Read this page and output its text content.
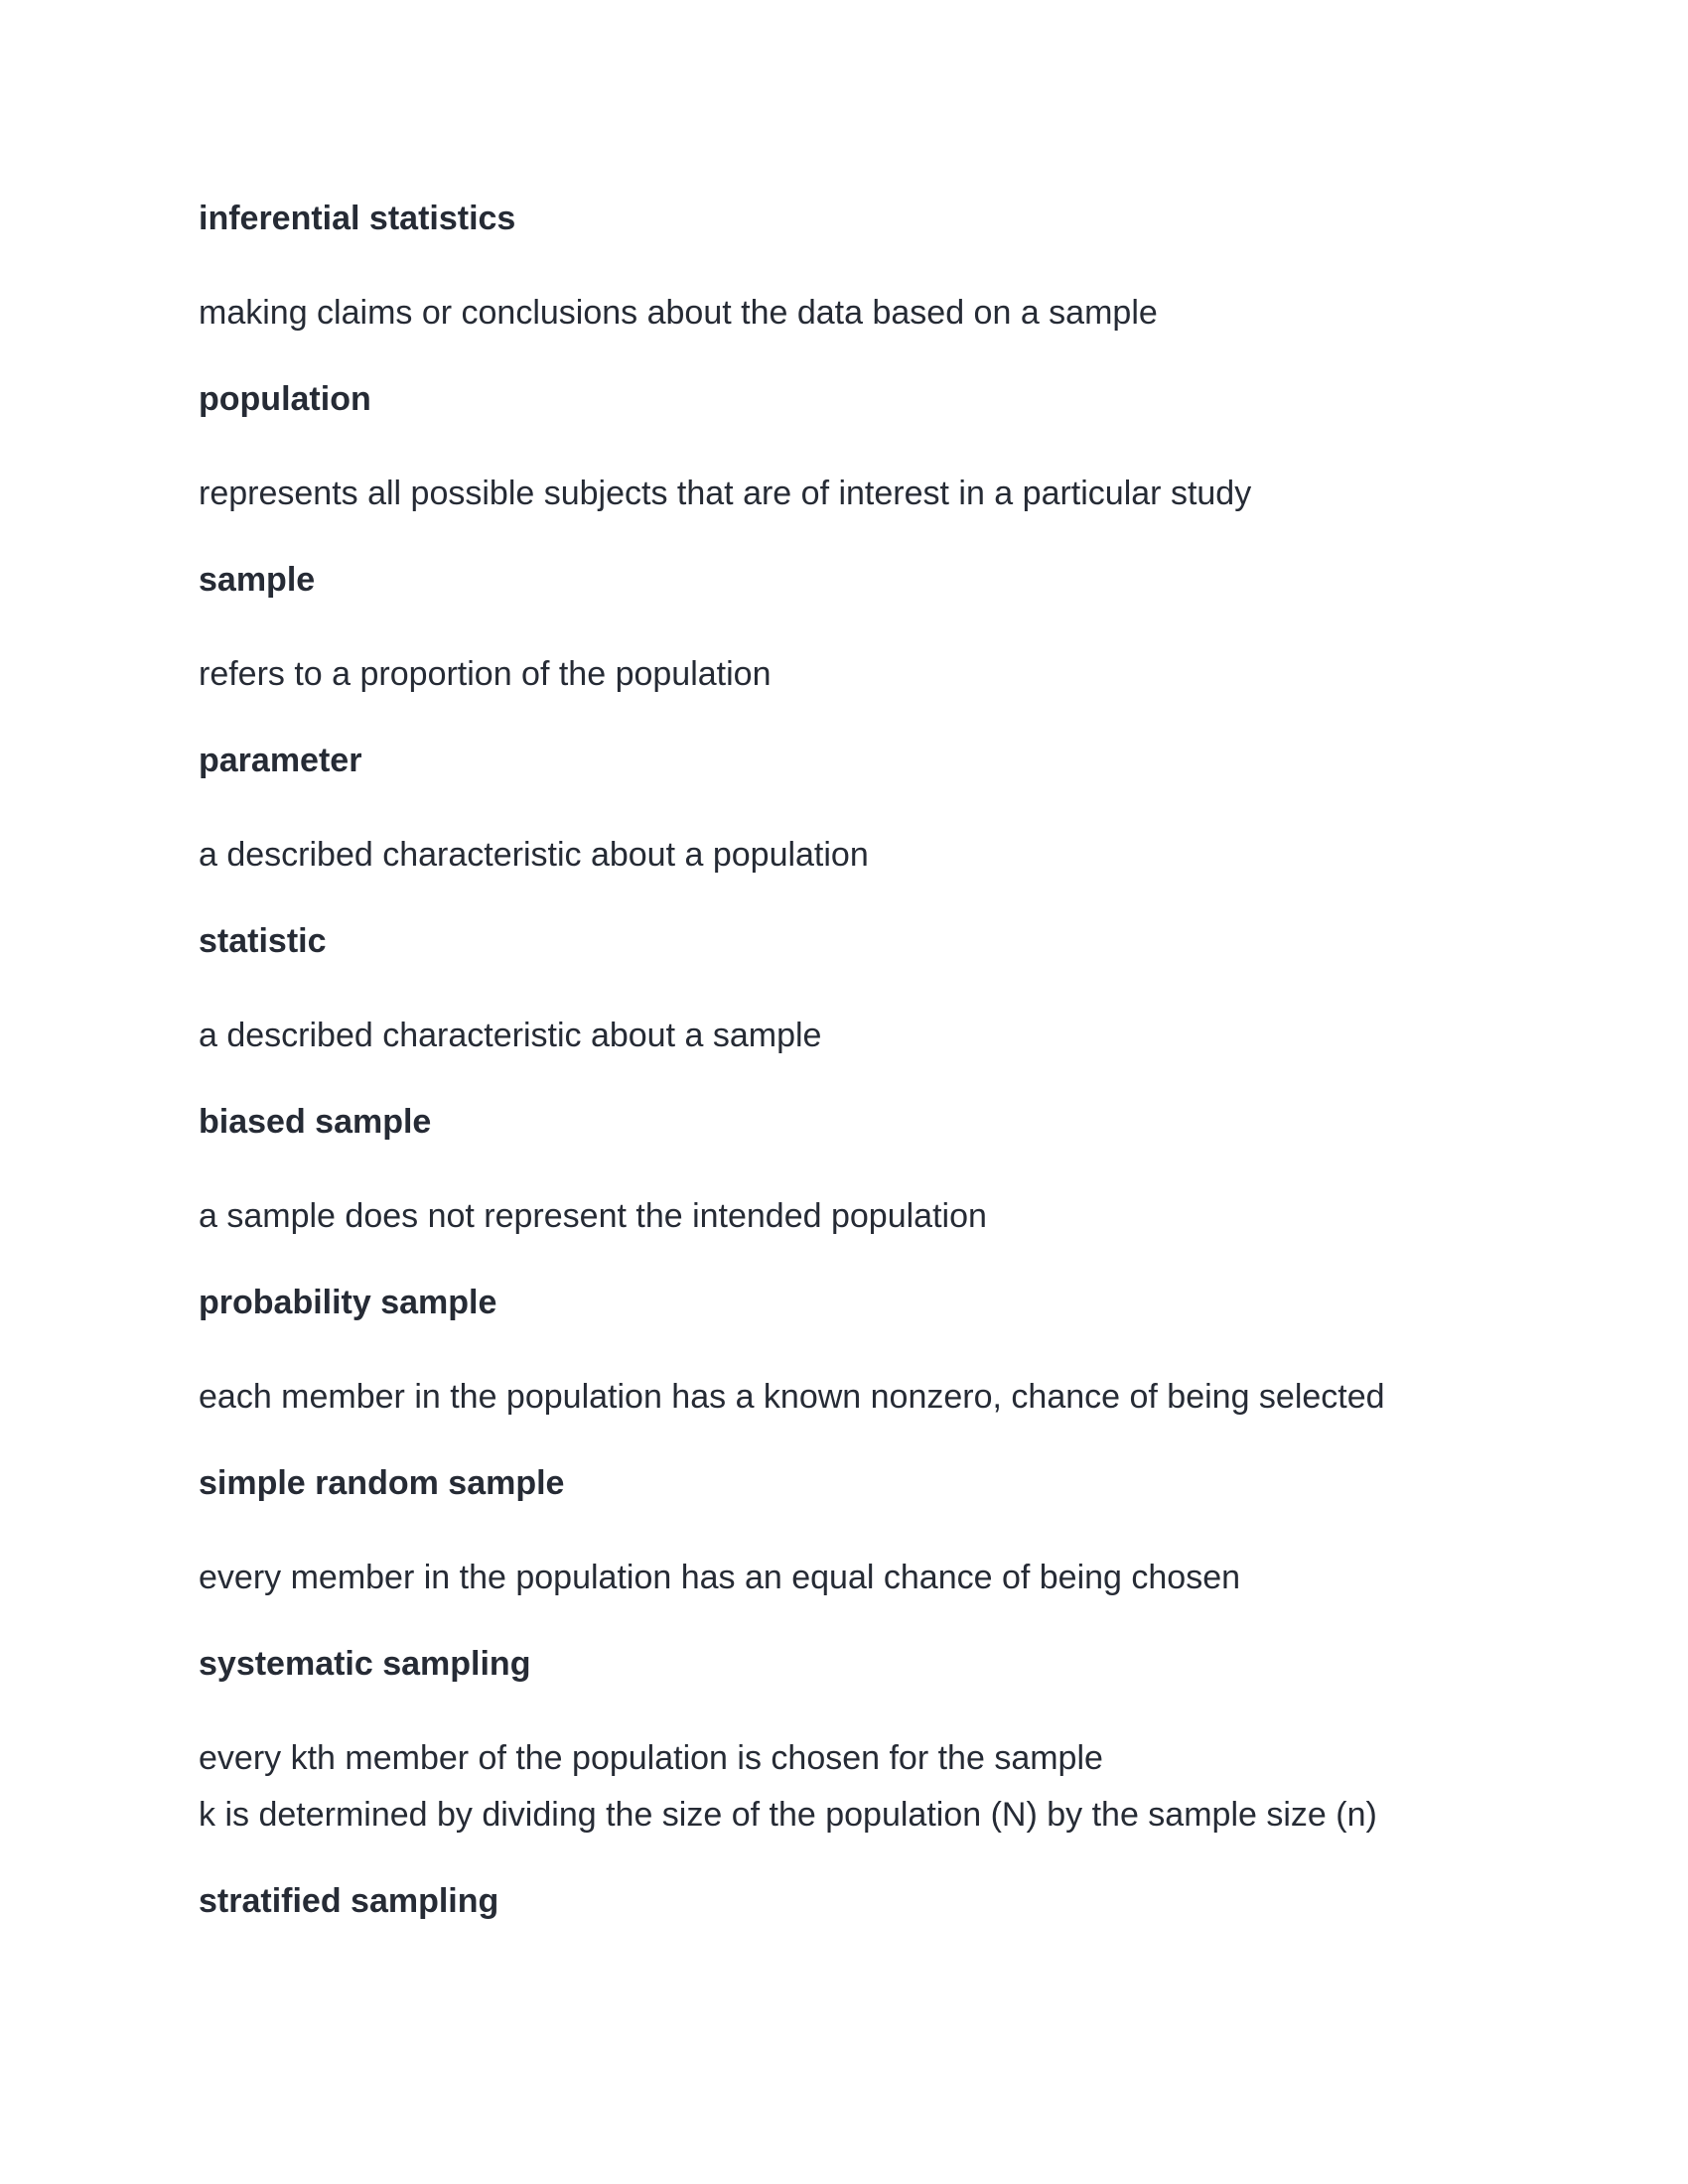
inferential statistics
making claims or conclusions about the data based on a sample
population
represents all possible subjects that are of interest in a particular study
sample
refers to a proportion of the population
parameter
a described characteristic about a population
statistic
a described characteristic about a sample
biased sample
a sample does not represent the intended population
probability sample
each member in the population has a known nonzero, chance of being selected
simple random sample
every member in the population has an equal chance of being chosen
systematic sampling
every kth member of the population is chosen for the sample
k is determined by dividing the size of the population (N) by the sample size (n)
stratified sampling
